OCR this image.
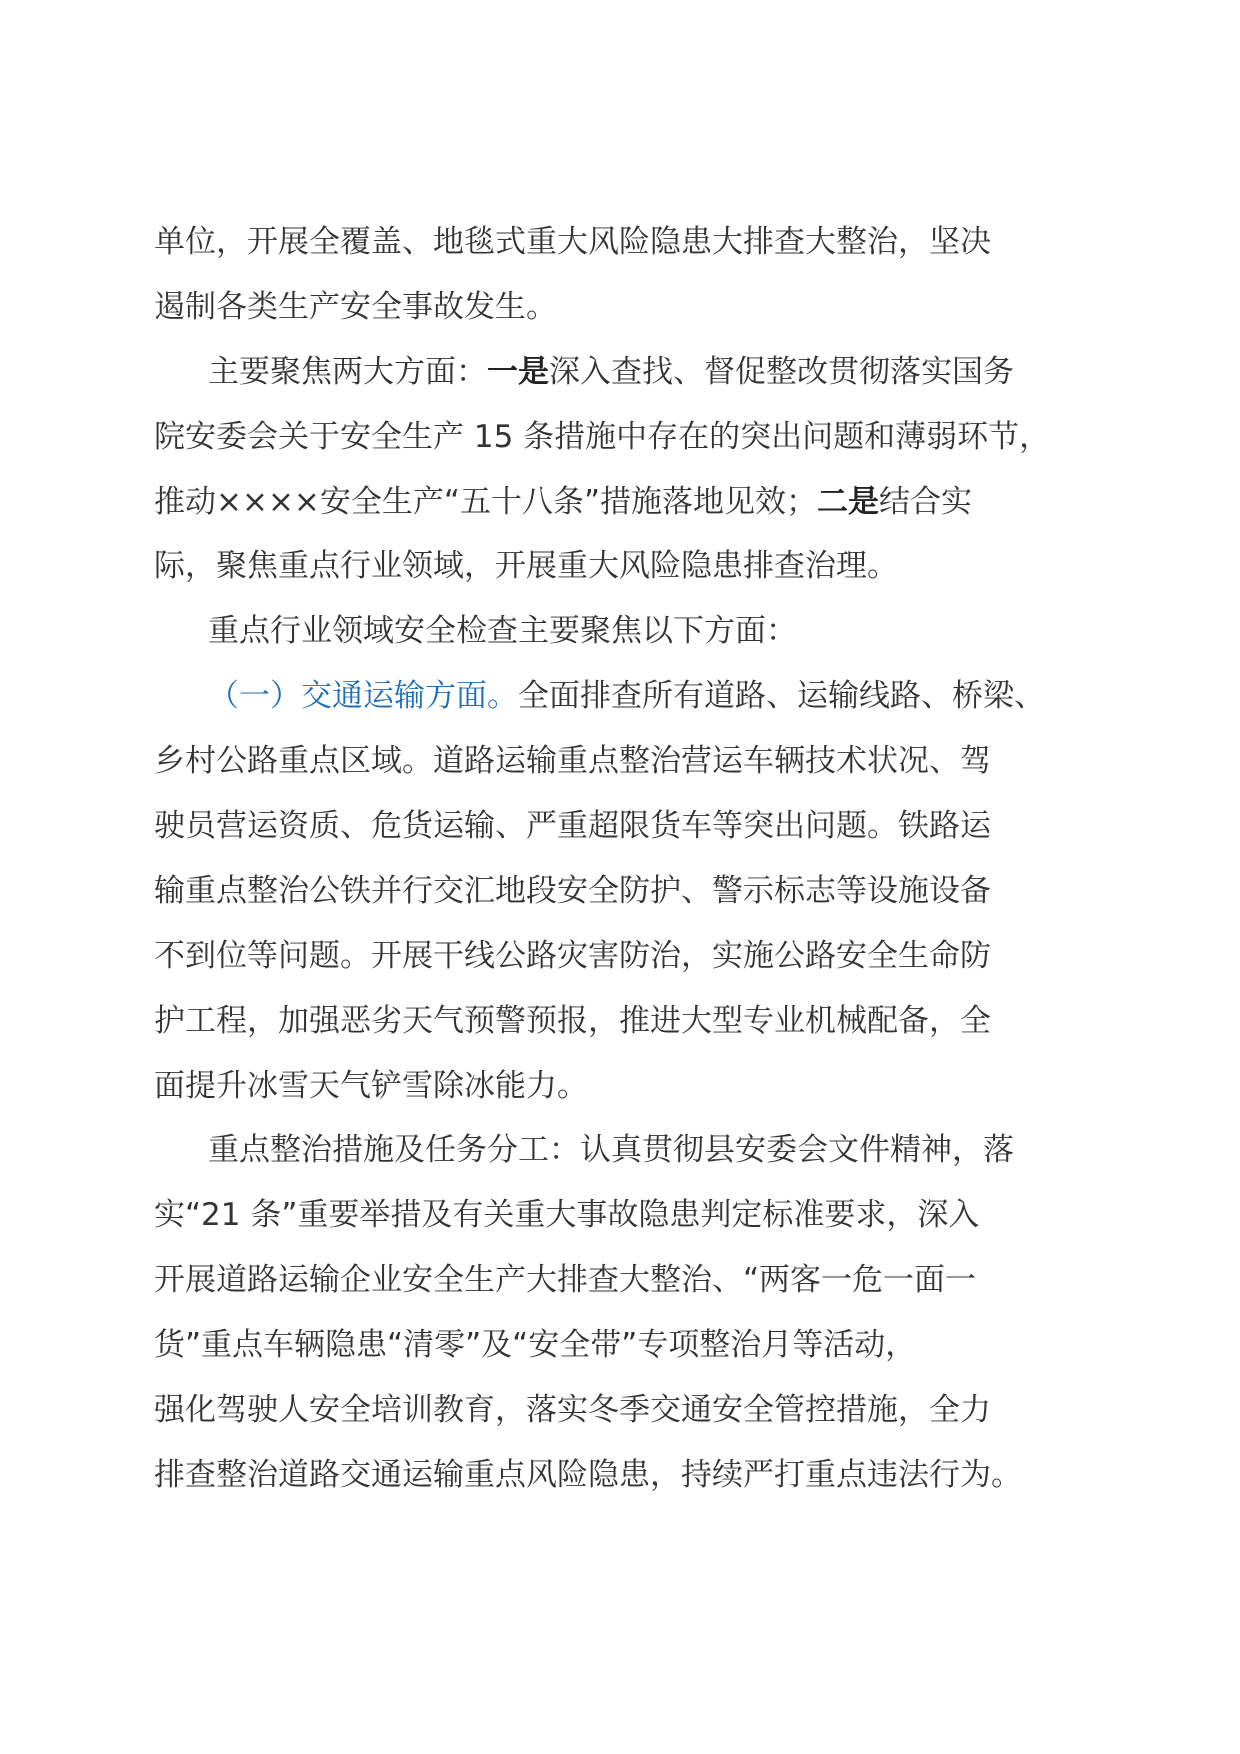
单位，开展全覆盖、地毯式重大风险隐患大排查大整治，坚决
遏制各类生产安全事故发生。
主要聚焦两大方面：一是深入查找、督促整改贯彻落实国务
院安委会关于安全生产 15 条措施中存在的突出问题和薄弱环节，
推动××××安全生产“五十八条”措施落地见效；二是结合实
际，聚焦重点行业领域，开展重大风险隐患排查治理。
重点行业领域安全检查主要聚焦以下方面：
（一）交通运输方面。全面排查所有道路、运输线路、桥梁、
乡村公路重点区域。道路运输重点整治营运车辆技术状况、驾
驶员营运资质、危货运输、严重超限货车等突出问题。铁路运
输重点整治公铁并行交汇地段安全防护、警示标志等设施设备
不到位等问题。开展干线公路灾害防治，实施公路安全生命防
护工程，加强恶劣天气预警预报，推进大型专业机械配备，全
面提升冰雪天气铲雪除冰能力。
重点整治措施及任务分工：认真贯彻县安委会文件精神，落
实“21 条”重要举措及有关重大事故隐患判定标准要求，深入
开展道路运输企业安全生产大排查大整治、“两客一危一面一
货”重点车辆隐患“清零”及“安全带”专项整治月等活动，
强化驾驶人安全培训教育，落实冬季交通安全管控措施，全力
排查整治道路交通运输重点风险隐患，持续严打重点违法行为。
